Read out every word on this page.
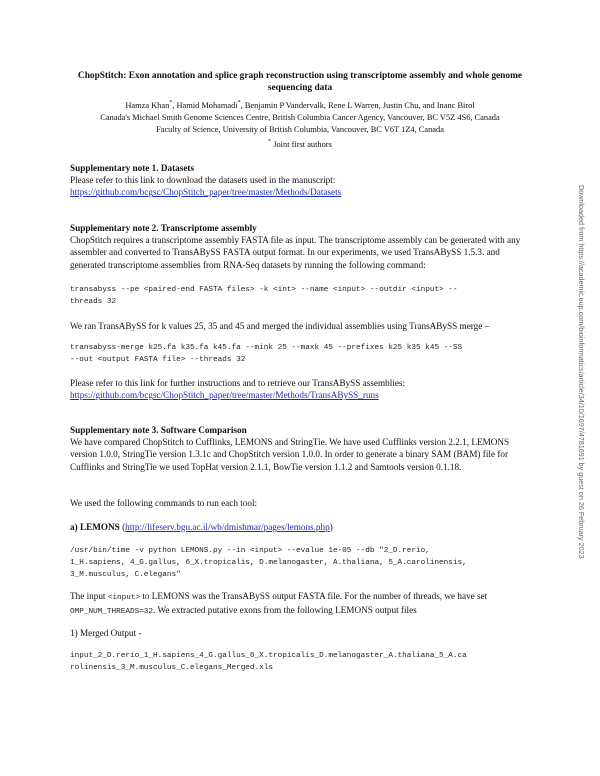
ChopStitch: Exon annotation and splice graph reconstruction using transcriptome assembly and whole genome sequencing data
Hamza Khan*, Hamid Mohamadi*, Benjamin P Vandervalk, Rene L Warren, Justin Chu, and Inanc Birol
Canada's Michael Smith Genome Sciences Centre, British Columbia Cancer Agency, Vancouver, BC V5Z 4S6, Canada
Faculty of Science, University of British Columbia, Vancouver, BC V6T 1Z4, Canada
* Joint first authors
Supplementary note 1. Datasets
Please refer to this link to download the datasets used in the manuscript:
https://github.com/bcgsc/ChopStitch_paper/tree/master/Methods/Datasets
Supplementary note 2. Transcriptome assembly
ChopStitch requires a transcriptome assembly FASTA file as input. The transcriptome assembly can be generated with any assembler and converted to TransABySS FASTA output format. In our experiments, we used TransABySS 1.5.3. and generated transcriptome assemblies from RNA-Seq datasets by running the following command:
transabyss --pe <paired-end FASTA files> -k <int> --name <input> --outdir <input> --
threads 32
We ran TransABySS for k values 25, 35 and 45 and merged the individual assemblies using TransABySS merge –
transabyss-merge k25.fa k35.fa k45.fa --mink 25 --maxk 45 --prefixes k25 k35 k45 --SS
--out <output FASTA file> --threads 32
Please refer to this link for further instructions and to retrieve our TransABySS assemblies:
https://github.com/bcgsc/ChopStitch_paper/tree/master/Methods/TransABySS_runs
Supplementary note 3. Software Comparison
We have compared ChopStitch to Cufflinks, LEMONS and StringTie. We have used Cufflinks version 2.2.1, LEMONS version 1.0.0, StringTie version 1.3.1c and ChopStitch version 1.0.0. In order to generate a binary SAM (BAM) file for Cufflinks and StringTie we used TopHat version 2.1.1, BowTie version 1.1.2 and Samtools version 0.1.18.
We used the following commands to run each tool:
a) LEMONS (http://lifeserv.bgu.ac.il/wb/dmishmar/pages/lemons.php)
/usr/bin/time -v python LEMONS.py --in <input> --evalue 1e-05 --db "2_D.rerio,
1_H.sapiens, 4_G.gallus, 6_X.tropicalis, D.melanogaster, A.thaliana, 5_A.carolinensis,
3_M.musculus, C.elegans"
The input <input> to LEMONS was the TransABySS output FASTA file. For the number of threads, we have set OMP_NUM_THREADS=32. We extracted putative exons from the following LEMONS output files
1) Merged Output -
input_2_D.rerio_1_H.sapiens_4_G.gallus_6_X.tropicalis_D.melanogaster_A.thaliana_5_A.ca
rolinensis_3_M.musculus_C.elegans_Merged.xls
Downloaded from https://academic.oup.com/bioinformatics/article/34/10/1697/4781691 by guest on 26 February 2023
